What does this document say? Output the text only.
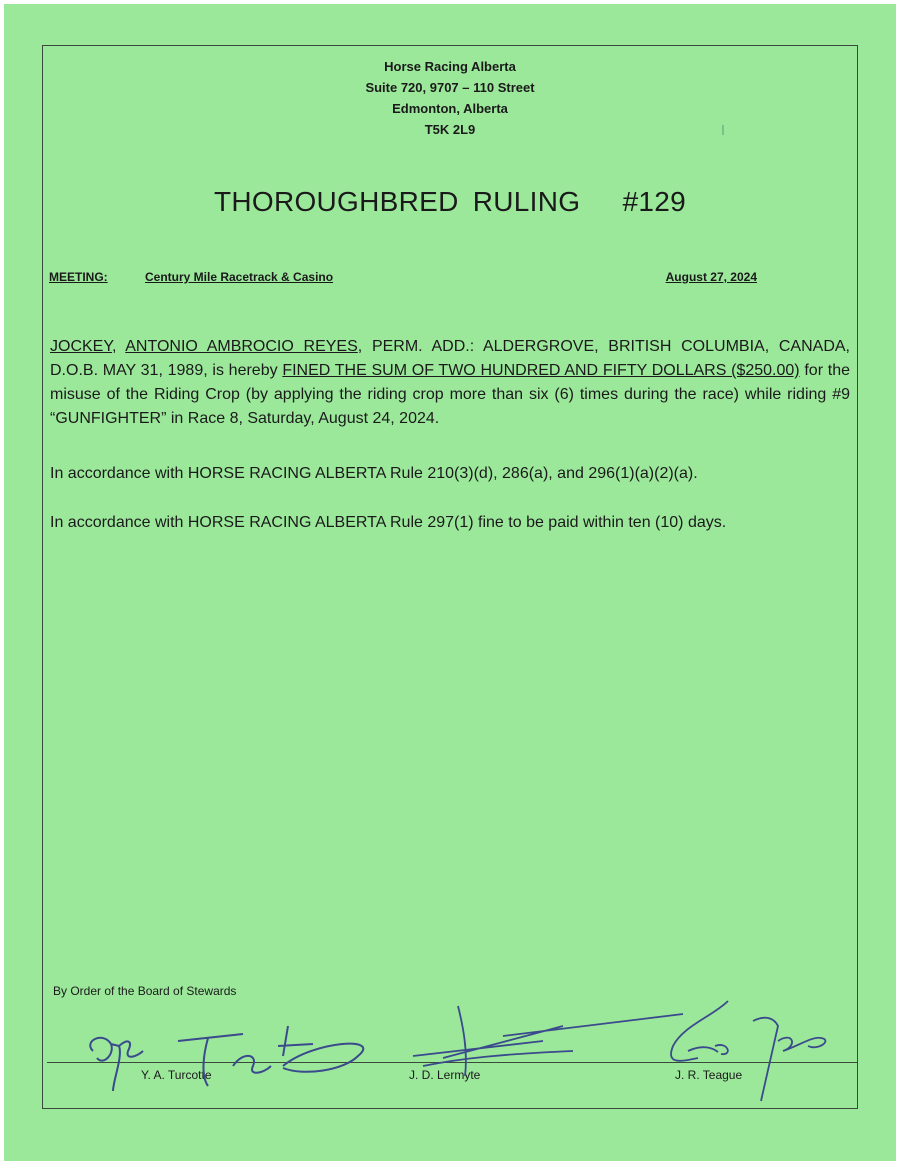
Horse Racing Alberta
Suite 720, 9707 – 110 Street
Edmonton, Alberta
T5K 2L9
THOROUGHBRED RULING   #129
MEETING:	Century Mile Racetrack & Casino	August 27, 2024
JOCKEY, ANTONIO AMBROCIO REYES, PERM. ADD.: ALDERGROVE, BRITISH COLUMBIA, CANADA, D.O.B. MAY 31, 1989, is hereby FINED THE SUM OF TWO HUNDRED AND FIFTY DOLLARS ($250.00) for the misuse of the Riding Crop (by applying the riding crop more than six (6) times during the race) while riding #9 “GUNFIGHTER” in Race 8, Saturday, August 24, 2024.
In accordance with HORSE RACING ALBERTA Rule 210(3)(d), 286(a), and 296(1)(a)(2)(a).
In accordance with HORSE RACING ALBERTA Rule 297(1) fine to be paid within ten (10) days.
By Order of the Board of Stewards
Y. A. Turcotte	J. D. Lermyte	J. R. Teague
